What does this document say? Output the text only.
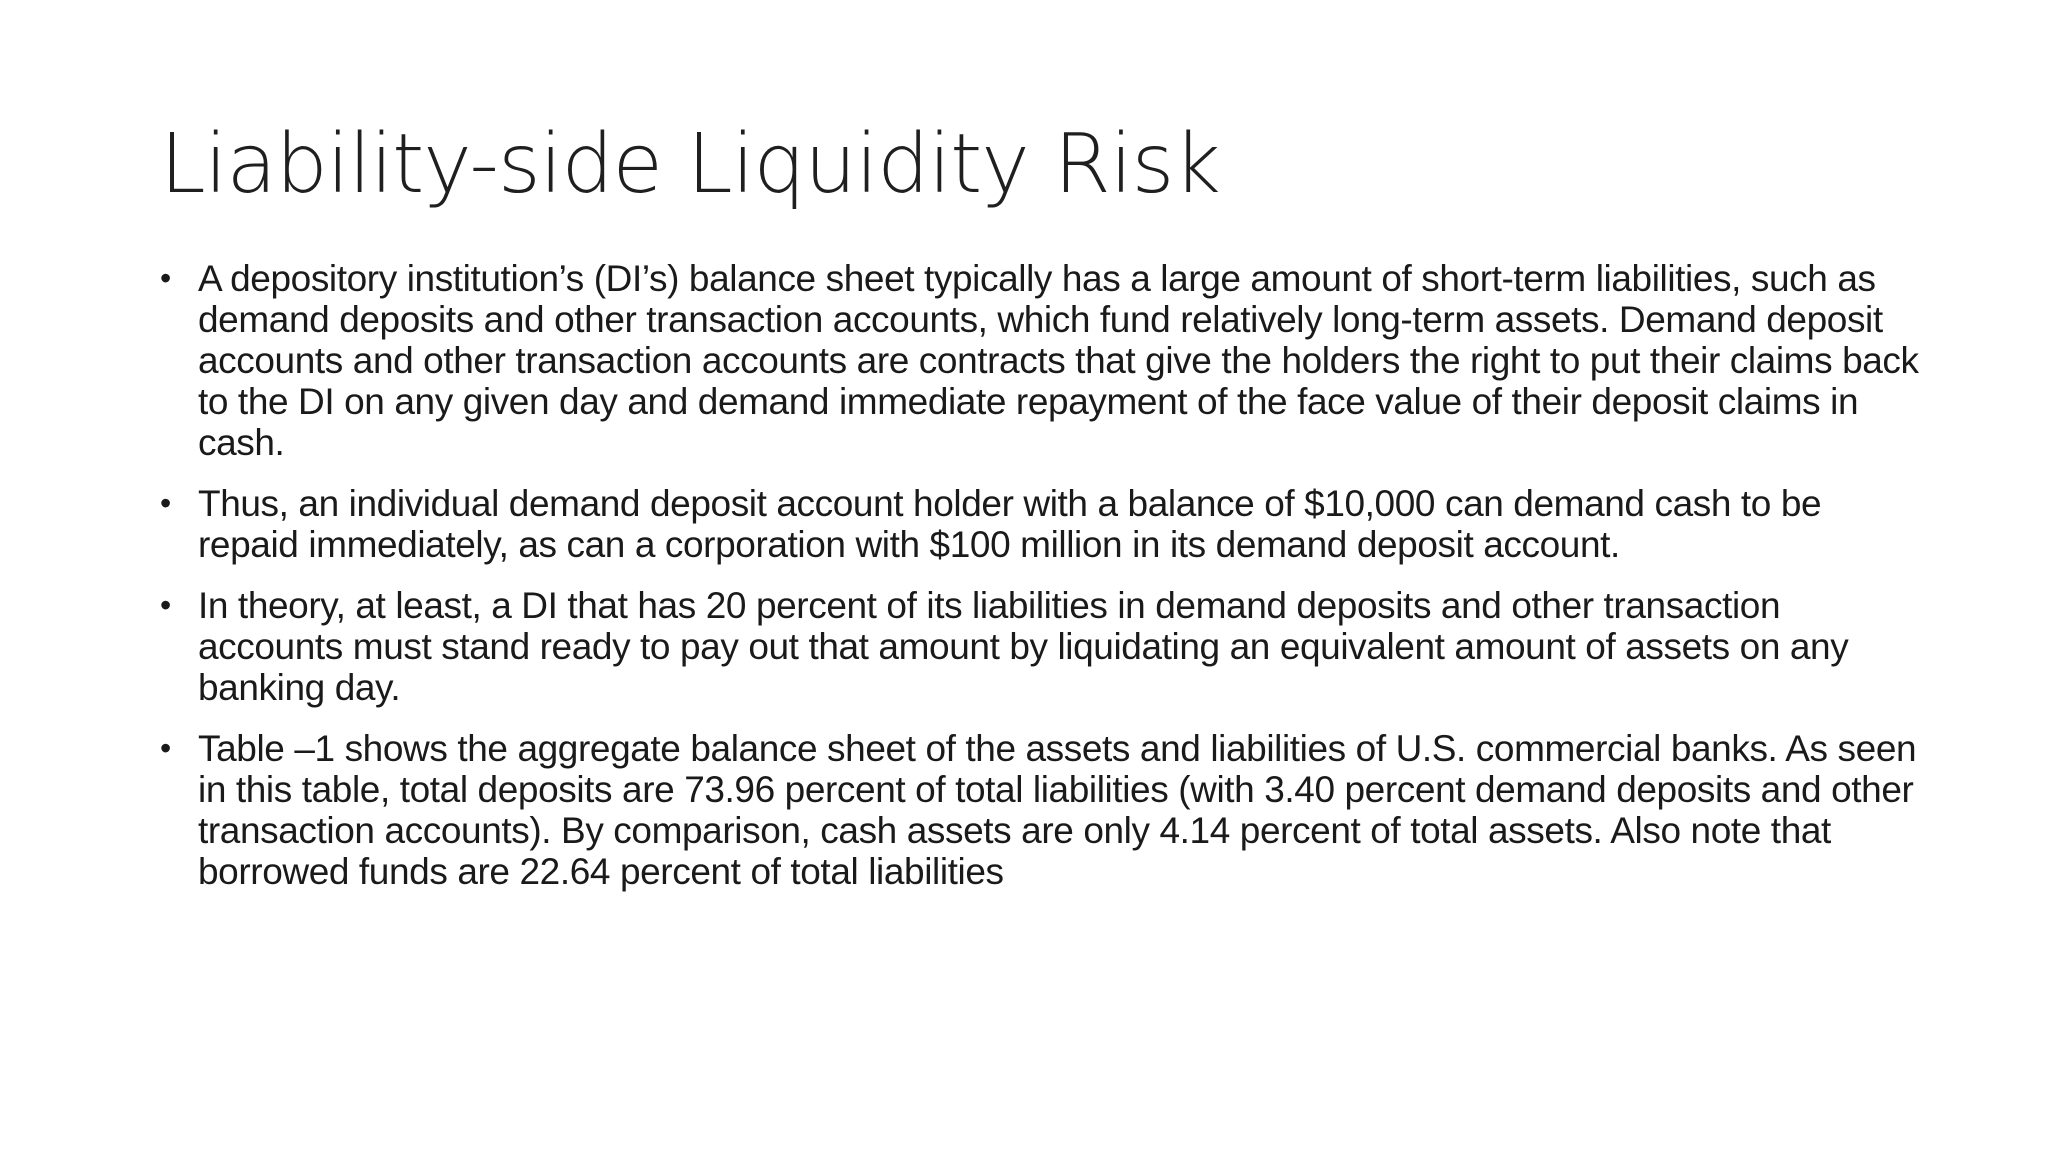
Liability-side Liquidity Risk
• A depository institution’s (DI’s) balance sheet typically has a large amount of short-term liabilities, such as demand deposits and other transaction accounts, which fund relatively long-term assets. Demand deposit accounts and other transaction accounts are contracts that give the holders the right to put their claims back to the DI on any given day and demand immediate repayment of the face value of their deposit claims in cash.
• Thus, an individual demand deposit account holder with a balance of $10,000 can demand cash to be repaid immediately, as can a corporation with $100 million in its demand deposit account.
• In theory, at least, a DI that has 20 percent of its liabilities in demand deposits and other transaction accounts must stand ready to pay out that amount by liquidating an equivalent amount of assets on any banking day.
• Table –1 shows the aggregate balance sheet of the assets and liabilities of U.S. commercial banks. As seen in this table, total deposits are 73.96 percent of total liabilities (with 3.40 percent demand deposits and other transaction accounts). By comparison, cash assets are only 4.14 percent of total assets. Also note that borrowed funds are 22.64 percent of total liabilities
